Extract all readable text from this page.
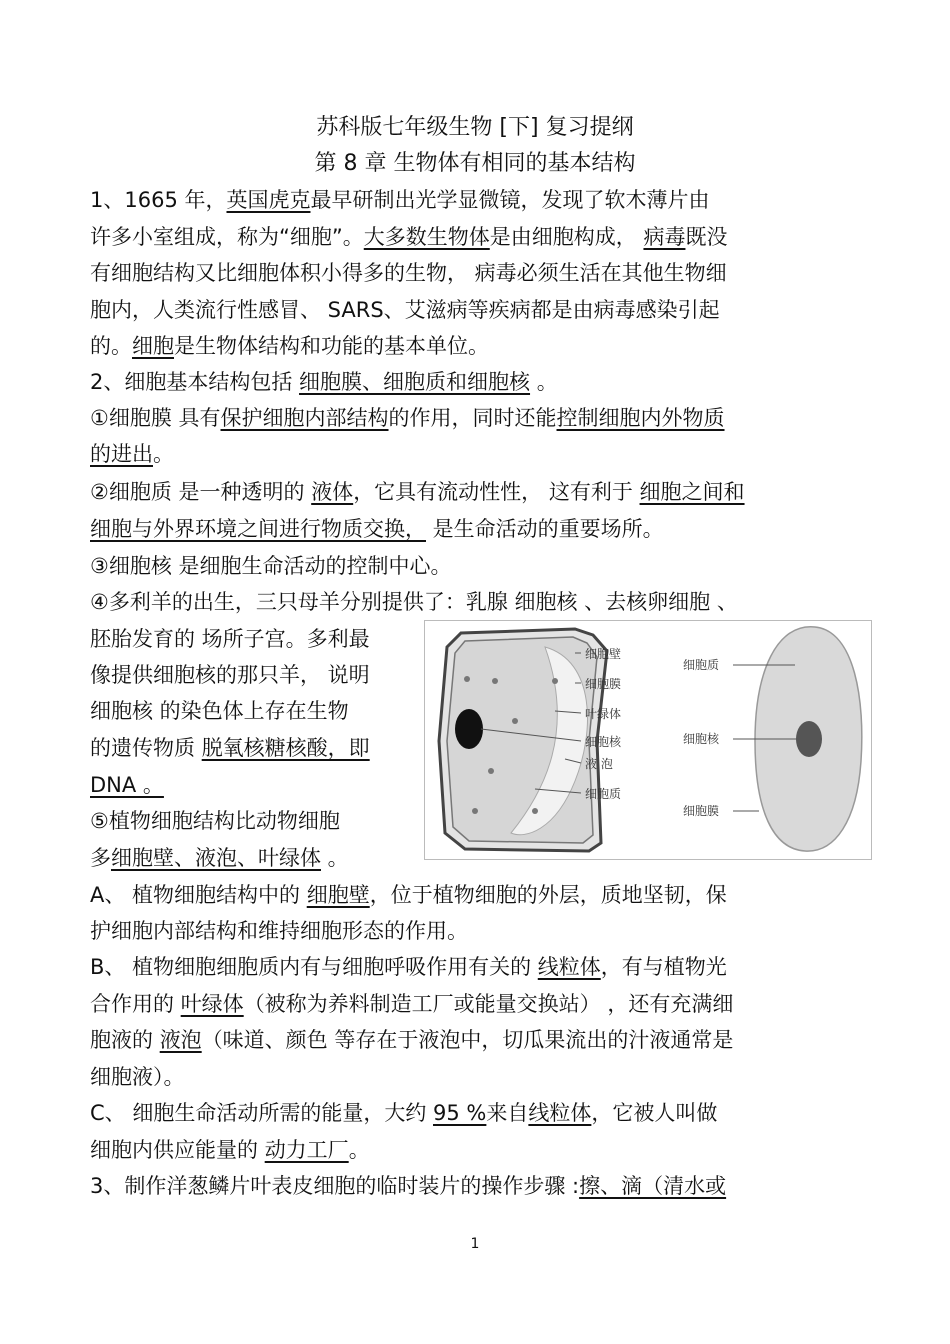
苏科版七年级生物 [下] 复习提纲
第 8 章 生物体有相同的基本结构
1、1665 年，英国虎克最早研制出光学显微镜，发现了软木薄片由
许多小室组成，称为“细胞”。大多数生物体是由细胞构成， 病毒既没
有细胞结构又比细胞体积小得多的生物， 病毒必须生活在其他生物细
胞内，人类流行性感冒、 SARS、艾滋病等疾病都是由病毒感染引起
的。细胞是生物体结构和功能的基本单位。
2、细胞基本结构包括 细胞膜、细胞质和细胞核 。
①细胞膜 具有保护细胞内部结构的作用，同时还能控制细胞内外物质
的进出。
②细胞质 是一种透明的 液体，它具有流动性性， 这有利于 细胞之间和
细胞与外界环境之间进行物质交换， 是生命活动的重要场所。
③细胞核 是细胞生命活动的控制中心。
④多利羊的出生，三只母羊分别提供了：乳腺 细胞核 、去核卵细胞 、
胚胎发育的 场所子宫。多利最
像提供细胞核的那只羊， 说明
细胞核 的染色体上存在生物
的遗传物质 脱氧核糖核酸，即
DNA 。
⑤植物细胞结构比动物细胞
多细胞壁、液泡、叶绿体 。
细胞壁
细胞膜
叶绿体
细胞核
液 泡
细胞质
细胞质
细胞核
细胞膜
A、 植物细胞结构中的 细胞壁，位于植物细胞的外层，质地坚韧，保
护细胞内部结构和维持细胞形态的作用。
B、 植物细胞细胞质内有与细胞呼吸作用有关的 线粒体，有与植物光
合作用的 叶绿体（被称为养料制造工厂或能量交换站） ，还有充满细
胞液的 液泡（味道、颜色 等存在于液泡中，切瓜果流出的汁液通常是
细胞液）。
C、 细胞生命活动所需的能量，大约 95 %来自线粒体，它被人叫做
细胞内供应能量的 动力工厂。
3、制作洋葱鳞片叶表皮细胞的临时装片的操作步骤 :擦、滴（清水或
1
